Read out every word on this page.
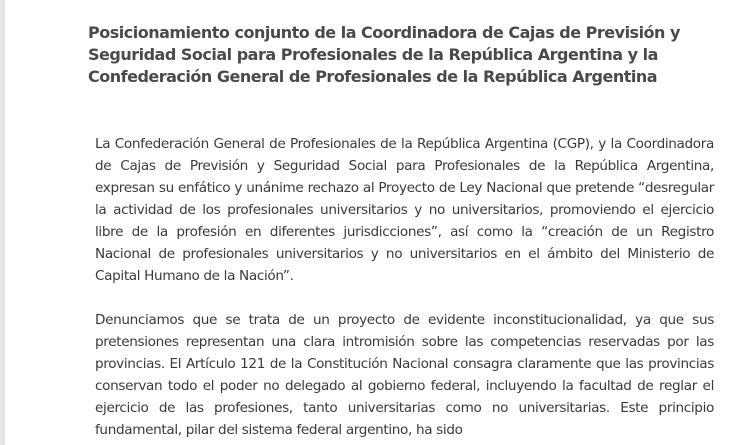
Posicionamiento conjunto de la Coordinadora de Cajas de Previsión y Seguridad Social para Profesionales de la República Argentina y la Confederación General de Profesionales de la República Argentina

La Confederación General de Profesionales de la República Argentina (CGP), y la Coordinadora de Cajas de Previsión y Seguridad Social para Profesionales de la República Argentina, expresan su enfático y unánime rechazo al Proyecto de Ley Nacional que pretende “desregular la actividad de los profesionales universitarios y no universitarios, promoviendo el ejercicio libre de la profesión en diferentes jurisdicciones”, así como la “creación de un Registro Nacional de profesionales universitarios y no universitarios en el ámbito del Ministerio de Capital Humano de la Nación”.

Denunciamos que se trata de un proyecto de evidente inconstitucionalidad, ya que sus pretensiones representan una clara intromisión sobre las competencias reservadas por las provincias. El Artículo 121 de la Constitución Nacional consagra claramente que las provincias conservan todo el poder no delegado al gobierno federal, incluyendo la facultad de reglar el ejercicio de las profesiones, tanto universitarias como no universitarias. Este principio fundamental, pilar del sistema federal argentino, ha sido
